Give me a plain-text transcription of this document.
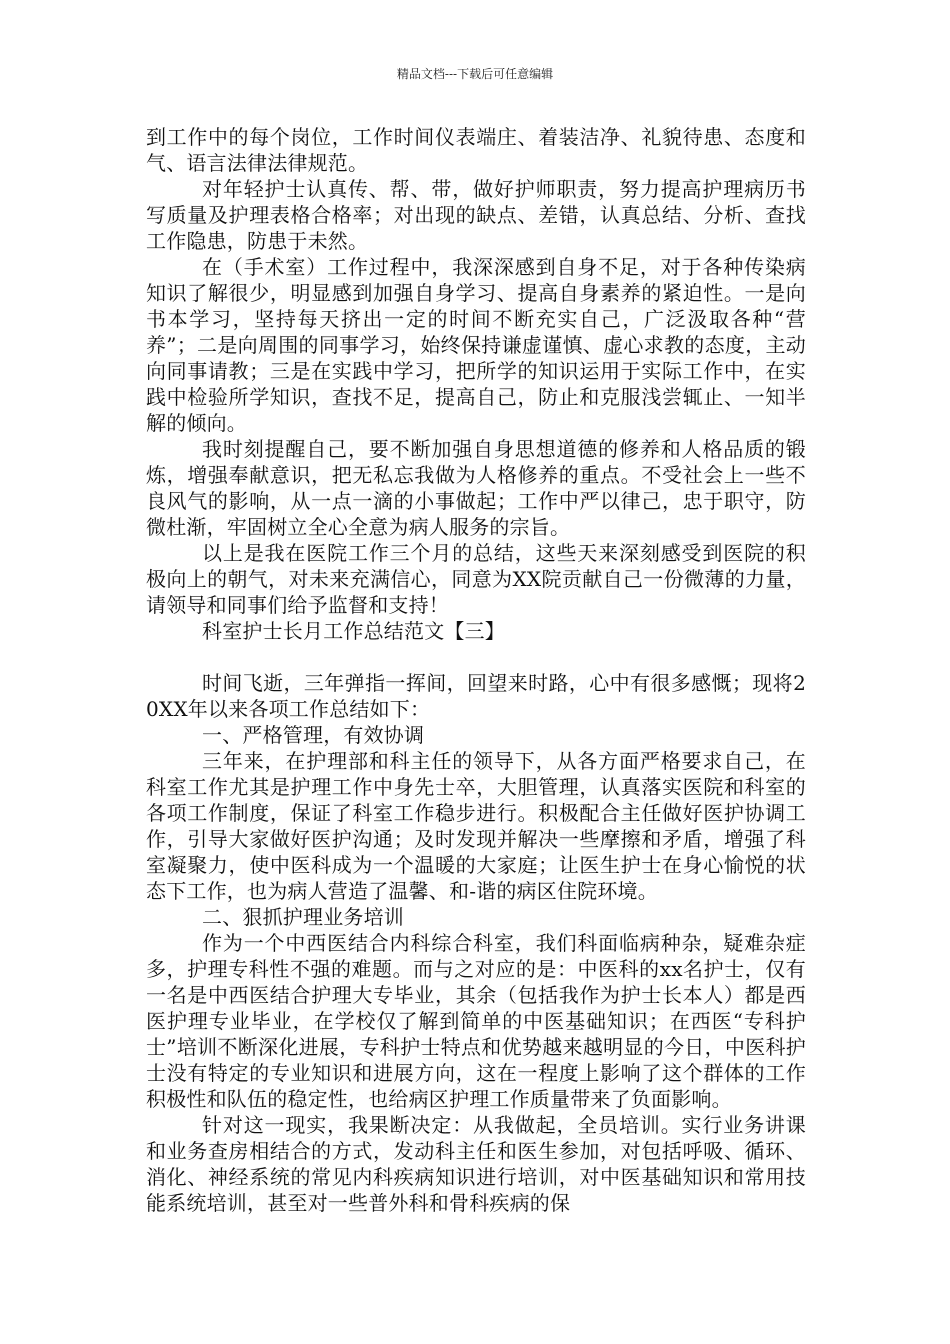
精品文档---下载后可任意编辑

到工作中的每个岗位，工作时间仪表端庄、着装洁净、礼貌待患、态度和气、语言法律法律规范。

对年轻护士认真传、帮、带，做好护师职责，努力提高护理病历书写质量及护理表格合格率；对出现的缺点、差错，认真总结、分析、查找工作隐患，防患于未然。

在（手术室）工作过程中，我深深感到自身不足，对于各种传染病知识了解很少，明显感到加强自身学习、提高自身素养的紧迫性。一是向书本学习，坚持每天挤出一定的时间不断充实自己，广泛汲取各种“营养”；二是向周围的同事学习，始终保持谦虚谨慎、虚心求教的态度，主动向同事请教；三是在实践中学习，把所学的知识运用于实际工作中，在实践中检验所学知识，查找不足，提高自己，防止和克服浅尝辄止、一知半解的倾向。

我时刻提醒自己，要不断加强自身思想道德的修养和人格品质的锻炼，增强奉献意识，把无私忘我做为人格修养的重点。不受社会上一些不良风气的影响，从一点一滴的小事做起；工作中严以律己，忠于职守，防微杜渐，牢固树立全心全意为病人服务的宗旨。

以上是我在医院工作三个月的总结，这些天来深刻感受到医院的积极向上的朝气，对未来充满信心，同意为XX院贡献自己一份微薄的力量，请领导和同事们给予监督和支持！

科室护士长月工作总结范文【三】

时间飞逝，三年弹指一挥间，回望来时路，心中有很多感慨；现将20XX年以来各项工作总结如下：

一、严格管理，有效协调

三年来，在护理部和科主任的领导下，从各方面严格要求自己，在科室工作尤其是护理工作中身先士卒，大胆管理，认真落实医院和科室的各项工作制度，保证了科室工作稳步进行。积极配合主任做好医护协调工作，引导大家做好医护沟通；及时发现并解决一些摩擦和矛盾，增强了科室凝聚力，使中医科成为一个温暖的大家庭；让医生护士在身心愉悦的状态下工作，也为病人营造了温馨、和-谐的病区住院环境。

二、狠抓护理业务培训

作为一个中西医结合内科综合科室，我们科面临病种杂，疑难杂症多，护理专科性不强的难题。而与之对应的是：中医科的xx名护士，仅有一名是中西医结合护理大专毕业，其余（包括我作为护士长本人）都是西医护理专业毕业，在学校仅了解到简单的中医基础知识；在西医“专科护士”培训不断深化进展，专科护士特点和优势越来越明显的今日，中医科护士没有特定的专业知识和进展方向，这在一程度上影响了这个群体的工作积极性和队伍的稳定性，也给病区护理工作质量带来了负面影响。

针对这一现实，我果断决定：从我做起，全员培训。实行业务讲课和业务查房相结合的方式，发动科主任和医生参加，对包括呼吸、循环、消化、神经系统的常见内科疾病知识进行培训，对中医基础知识和常用技能系统培训，甚至对一些普外科和骨科疾病的保
